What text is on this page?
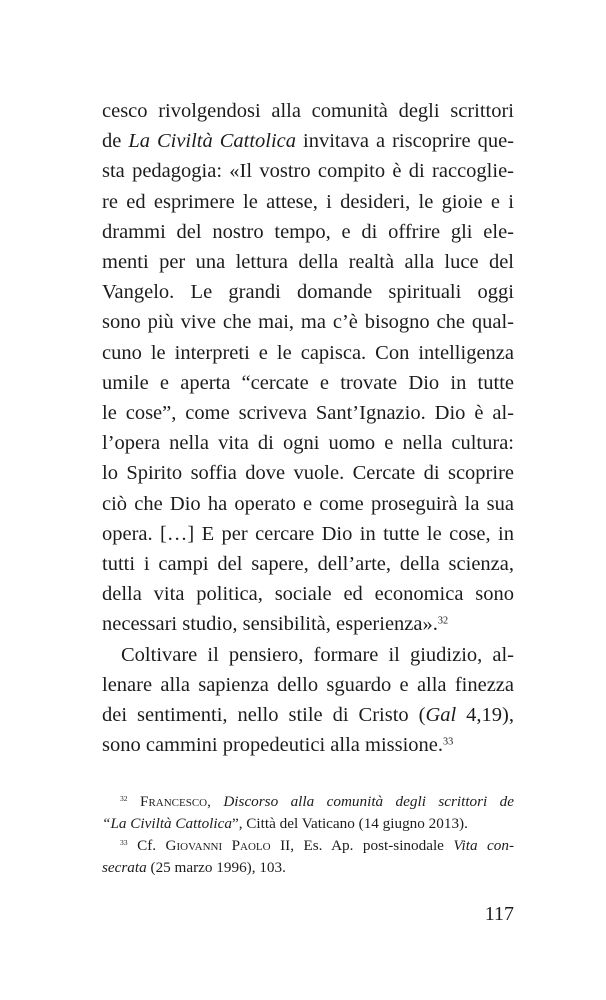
cesco rivolgendosi alla comunità degli scrittori
de La Civiltà Cattolica invitava a riscoprire que-
sta pedagogia: «Il vostro compito è di raccoglie-
re ed esprimere le attese, i desideri, le gioie e i
drammi del nostro tempo, e di offrire gli ele-
menti per una lettura della realtà alla luce del
Vangelo. Le grandi domande spirituali oggi
sono più vive che mai, ma c’è bisogno che qual-
cuno le interpreti e le capisca. Con intelligenza
umile e aperta “cercate e trovate Dio in tutte
le cose”, come scriveva Sant’Ignazio. Dio è al-
l’opera nella vita di ogni uomo e nella cultura:
lo Spirito soffia dove vuole. Cercate di scoprire
ciò che Dio ha operato e come proseguirà la sua
opera. […] E per cercare Dio in tutte le cose, in
tutti i campi del sapere, dell’arte, della scienza,
della vita politica, sociale ed economica sono
necessari studio, sensibilità, esperienza».$^{32}$
Coltivare il pensiero, formare il giudizio, al-
lenare alla sapienza dello sguardo e alla finezza
dei sentimenti, nello stile di Cristo (Gal 4,19),
sono cammini propedeutici alla missione.$^{33}$
$^{32}$ Francesco, Discorso alla comunità degli scrittori de
“La Civiltà Cattolica”, Città del Vaticano (14 giugno 2013).
$^{33}$ Cf. Giovanni Paolo II, Es. Ap. post-sinodale Vita con-
secrata (25 marzo 1996), 103.
117
